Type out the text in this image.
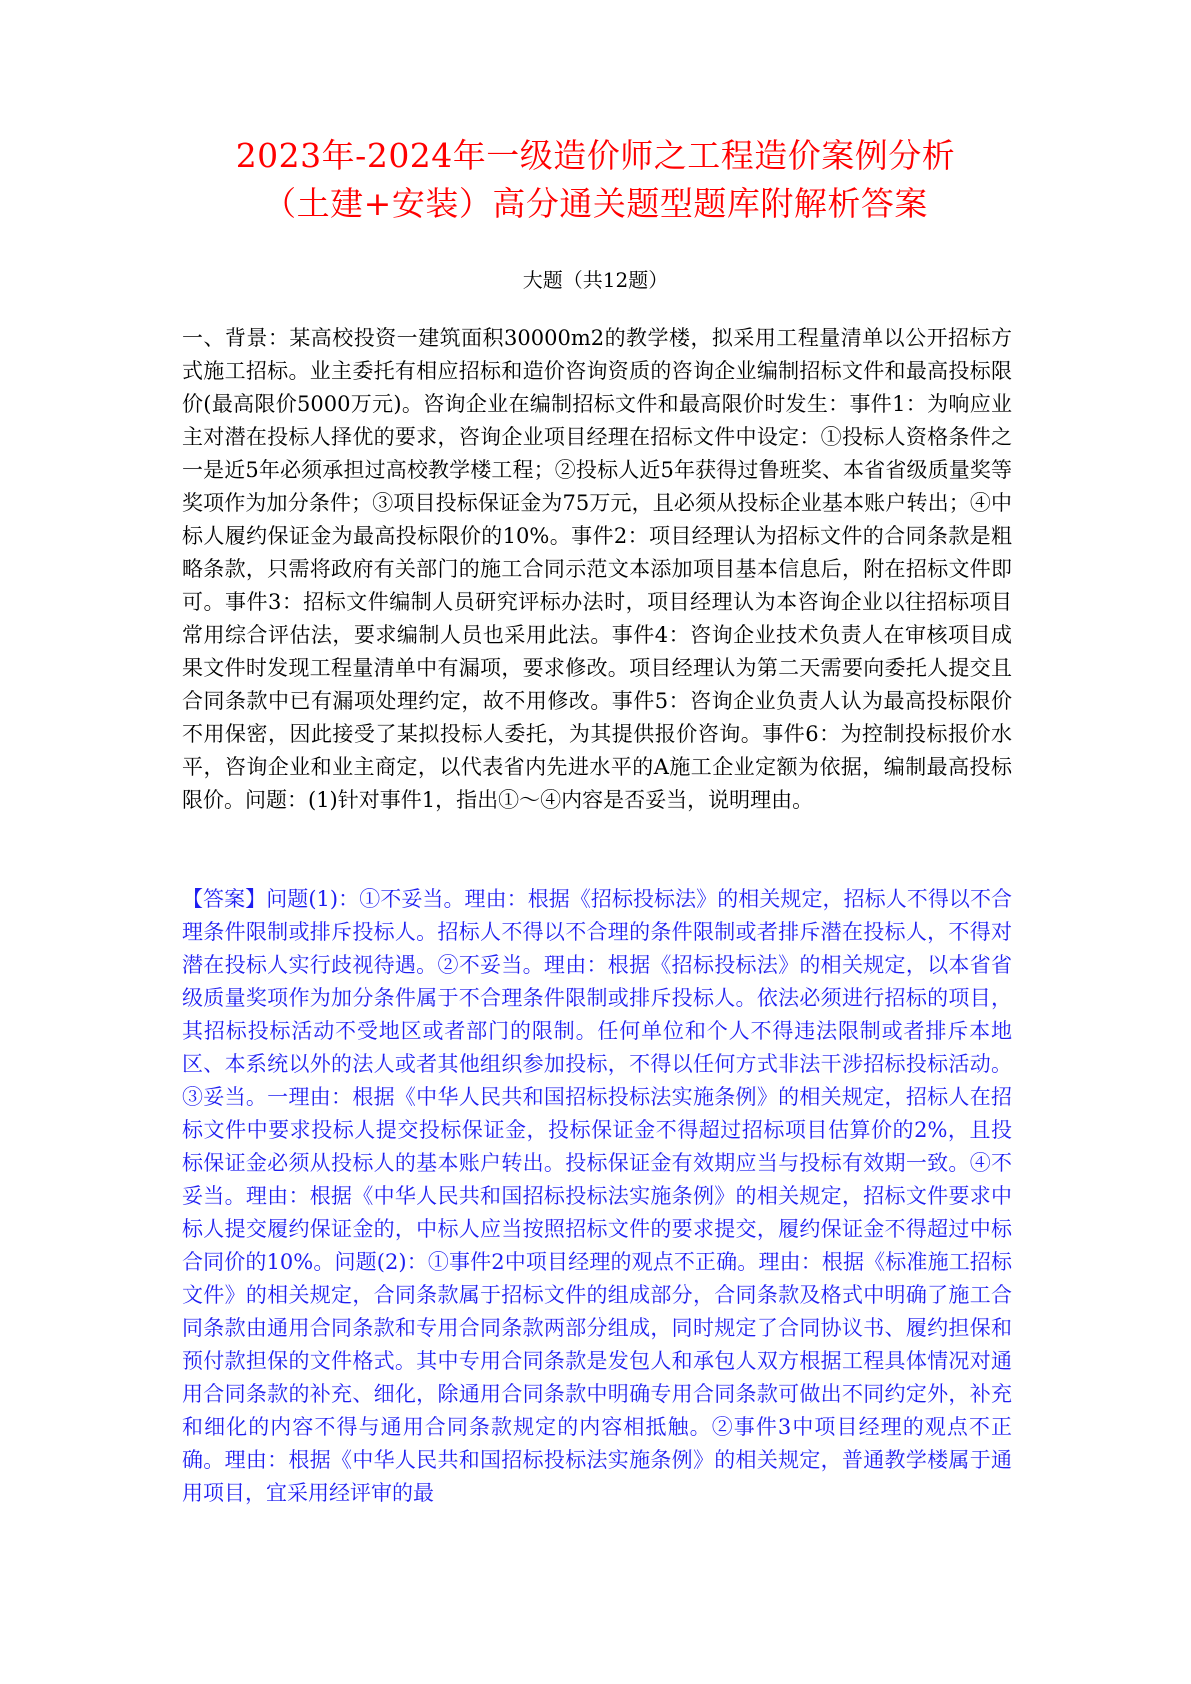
2023年-2024年一级造价师之工程造价案例分析
（土建+安装）高分通关题型题库附解析答案
大题（共12题）

一、背景：某高校投资一建筑面积30000m2的教学楼，拟采用工程量清单以公开招标方式施工招标。业主委托有相应招标和造价咨询资质的咨询企业编制招标文件和最高投标限价(最高限价5000万元)。咨询企业在编制招标文件和最高限价时发生：事件1：为响应业主对潜在投标人择优的要求，咨询企业项目经理在招标文件中设定：①投标人资格条件之一是近5年必须承担过高校教学楼工程；②投标人近5年获得过鲁班奖、本省省级质量奖等奖项作为加分条件；③项目投标保证金为75万元，且必须从投标企业基本账户转出；④中标人履约保证金为最高投标限价的10%。事件2：项目经理认为招标文件的合同条款是粗略条款，只需将政府有关部门的施工合同示范文本添加项目基本信息后，附在招标文件即可。事件3：招标文件编制人员研究评标办法时，项目经理认为本咨询企业以往招标项目常用综合评估法，要求编制人员也采用此法。事件4：咨询企业技术负责人在审核项目成果文件时发现工程量清单中有漏项，要求修改。项目经理认为第二天需要向委托人提交且合同条款中已有漏项处理约定，故不用修改。事件5：咨询企业负责人认为最高投标限价不用保密，因此接受了某拟投标人委托，为其提供报价咨询。事件6：为控制投标报价水平，咨询企业和业主商定，以代表省内先进水平的A施工企业定额为依据，编制最高投标限价。问题：(1)针对事件1，指出①～④内容是否妥当，说明理由。

【答案】问题(1)：①不妥当。理由：根据《招标投标法》的相关规定，招标人不得以不合理条件限制或排斥投标人。招标人不得以不合理的条件限制或者排斥潜在投标人，不得对潜在投标人实行歧视待遇。②不妥当。理由：根据《招标投标法》的相关规定，以本省省级质量奖项作为加分条件属于不合理条件限制或排斥投标人。依法必须进行招标的项目，其招标投标活动不受地区或者部门的限制。任何单位和个人不得违法限制或者排斥本地区、本系统以外的法人或者其他组织参加投标，不得以任何方式非法干涉招标投标活动。③妥当。一理由：根据《中华人民共和国招标投标法实施条例》的相关规定，招标人在招标文件中要求投标人提交投标保证金，投标保证金不得超过招标项目估算价的2%，且投标保证金必须从投标人的基本账户转出。投标保证金有效期应当与投标有效期一致。④不妥当。理由：根据《中华人民共和国招标投标法实施条例》的相关规定，招标文件要求中标人提交履约保证金的，中标人应当按照招标文件的要求提交，履约保证金不得超过中标合同价的10%。问题(2)：①事件2中项目经理的观点不正确。理由：根据《标准施工招标文件》的相关规定，合同条款属于招标文件的组成部分，合同条款及格式中明确了施工合同条款由通用合同条款和专用合同条款两部分组成，同时规定了合同协议书、履约担保和预付款担保的文件格式。其中专用合同条款是发包人和承包人双方根据工程具体情况对通用合同条款的补充、细化，除通用合同条款中明确专用合同条款可做出不同约定外，补充和细化的内容不得与通用合同条款规定的内容相抵触。②事件3中项目经理的观点不正确。理由：根据《中华人民共和国招标投标法实施条例》的相关规定，普通教学楼属于通用项目，宜采用经评审的最
